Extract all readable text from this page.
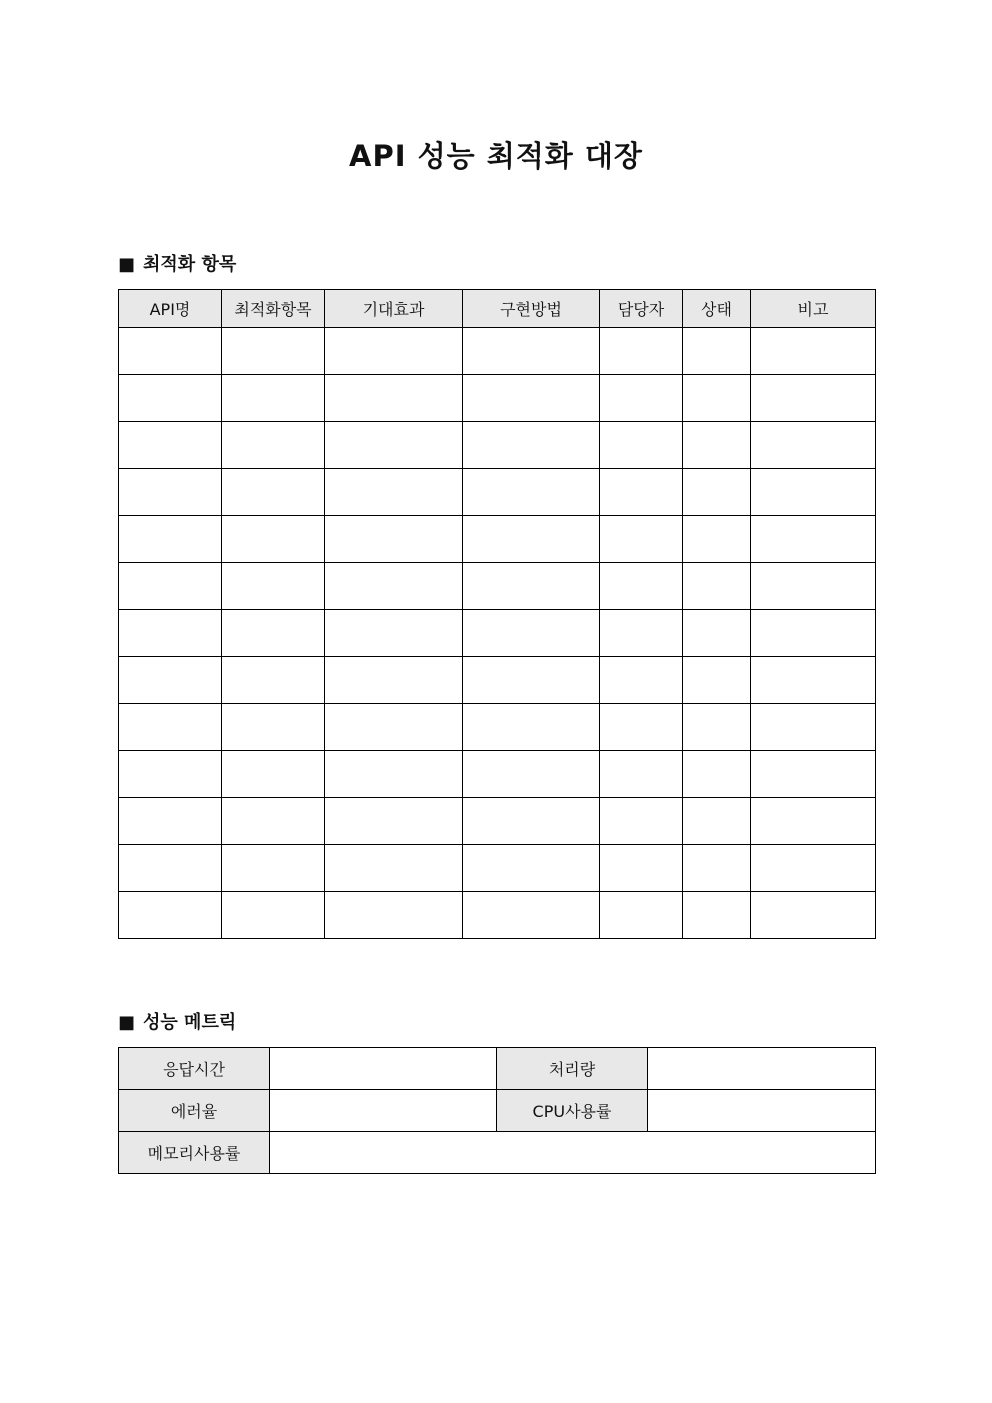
API 성능 최적화 대장
■ 최적화 항목
API명	최적화항목	기대효과	구현방법	담당자	상태	비고

■ 성능 메트릭
응답시간		처리량	
에러율		CPU사용률	
메모리사용률			
